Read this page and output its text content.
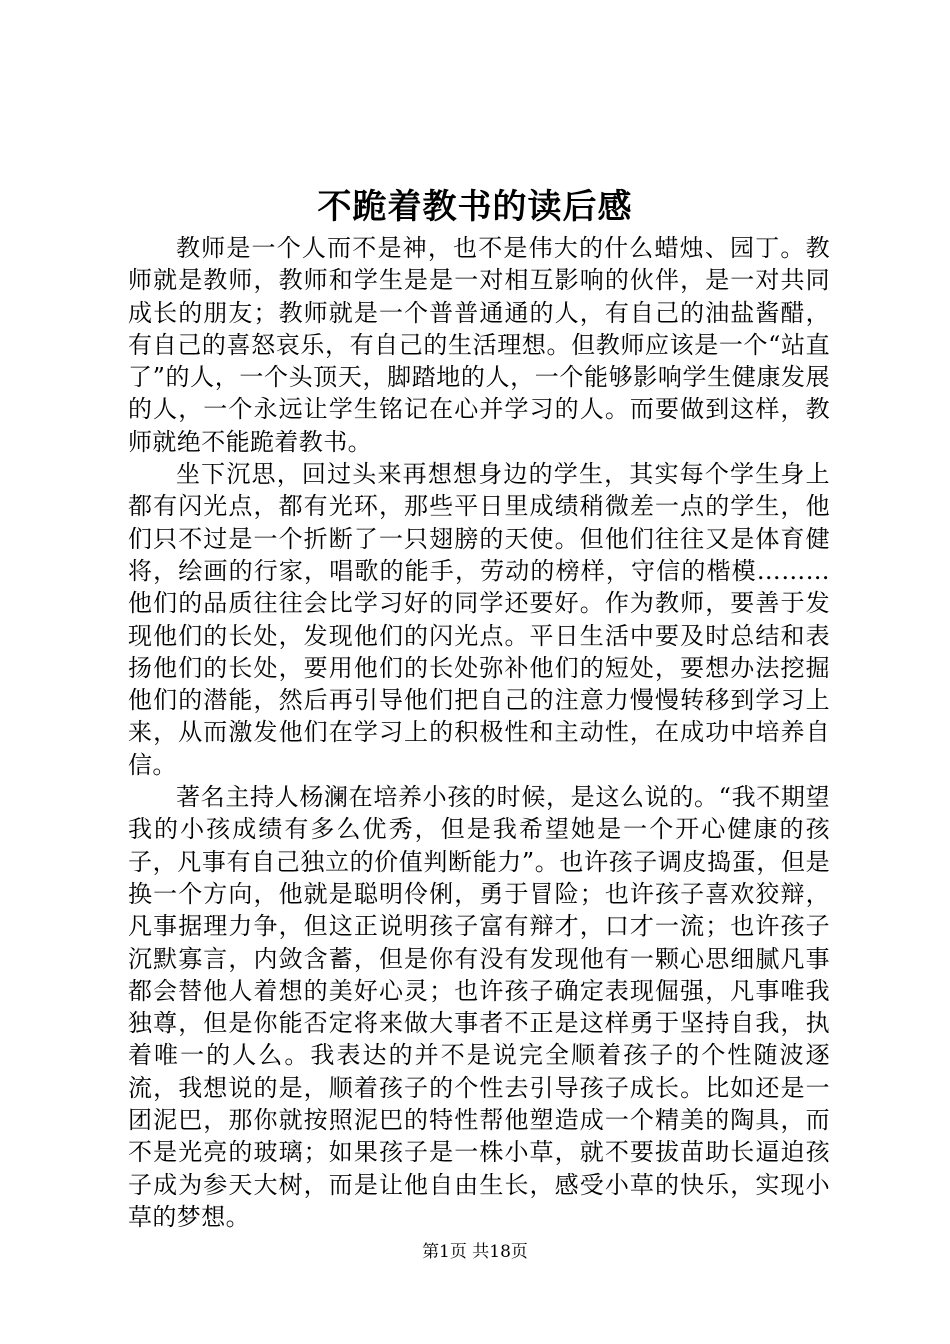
不跪着教书的读后感

教师是一个人而不是神，也不是伟大的什么蜡烛、园丁。教师就是教师，教师和学生是是一对相互影响的伙伴，是一对共同成长的朋友；教师就是一个普普通通的人，有自己的油盐酱醋，有自己的喜怒哀乐，有自己的生活理想。但教师应该是一个“站直了”的人，一个头顶天，脚踏地的人，一个能够影响学生健康发展的人，一个永远让学生铭记在心并学习的人。而要做到这样，教师就绝不能跪着教书。

坐下沉思，回过头来再想想身边的学生，其实每个学生身上都有闪光点，都有光环，那些平日里成绩稍微差一点的学生，他们只不过是一个折断了一只翅膀的天使。但他们往往又是体育健将，绘画的行家，唱歌的能手，劳动的榜样，守信的楷模………他们的品质往往会比学习好的同学还要好。作为教师，要善于发现他们的长处，发现他们的闪光点。平日生活中要及时总结和表扬他们的长处，要用他们的长处弥补他们的短处，要想办法挖掘他们的潜能，然后再引导他们把自己的注意力慢慢转移到学习上来，从而激发他们在学习上的积极性和主动性，在成功中培养自信。

著名主持人杨澜在培养小孩的时候，是这么说的。“我不期望我的小孩成绩有多么优秀，但是我希望她是一个开心健康的孩子，凡事有自己独立的价值判断能力”。也许孩子调皮捣蛋，但是换一个方向，他就是聪明伶俐，勇于冒险；也许孩子喜欢狡辩，凡事据理力争，但这正说明孩子富有辩才，口才一流；也许孩子沉默寡言，内敛含蓄，但是你有没有发现他有一颗心思细腻凡事都会替他人着想的美好心灵；也许孩子确定表现倔强，凡事唯我独尊，但是你能否定将来做大事者不正是这样勇于坚持自我，执着唯一的人么。我表达的并不是说完全顺着孩子的个性随波逐流，我想说的是，顺着孩子的个性去引导孩子成长。比如还是一团泥巴，那你就按照泥巴的特性帮他塑造成一个精美的陶具，而不是光亮的玻璃；如果孩子是一株小草，就不要拔苗助长逼迫孩子成为参天大树，而是让他自由生长，感受小草的快乐，实现小草的梦想。

第1页 共18页
